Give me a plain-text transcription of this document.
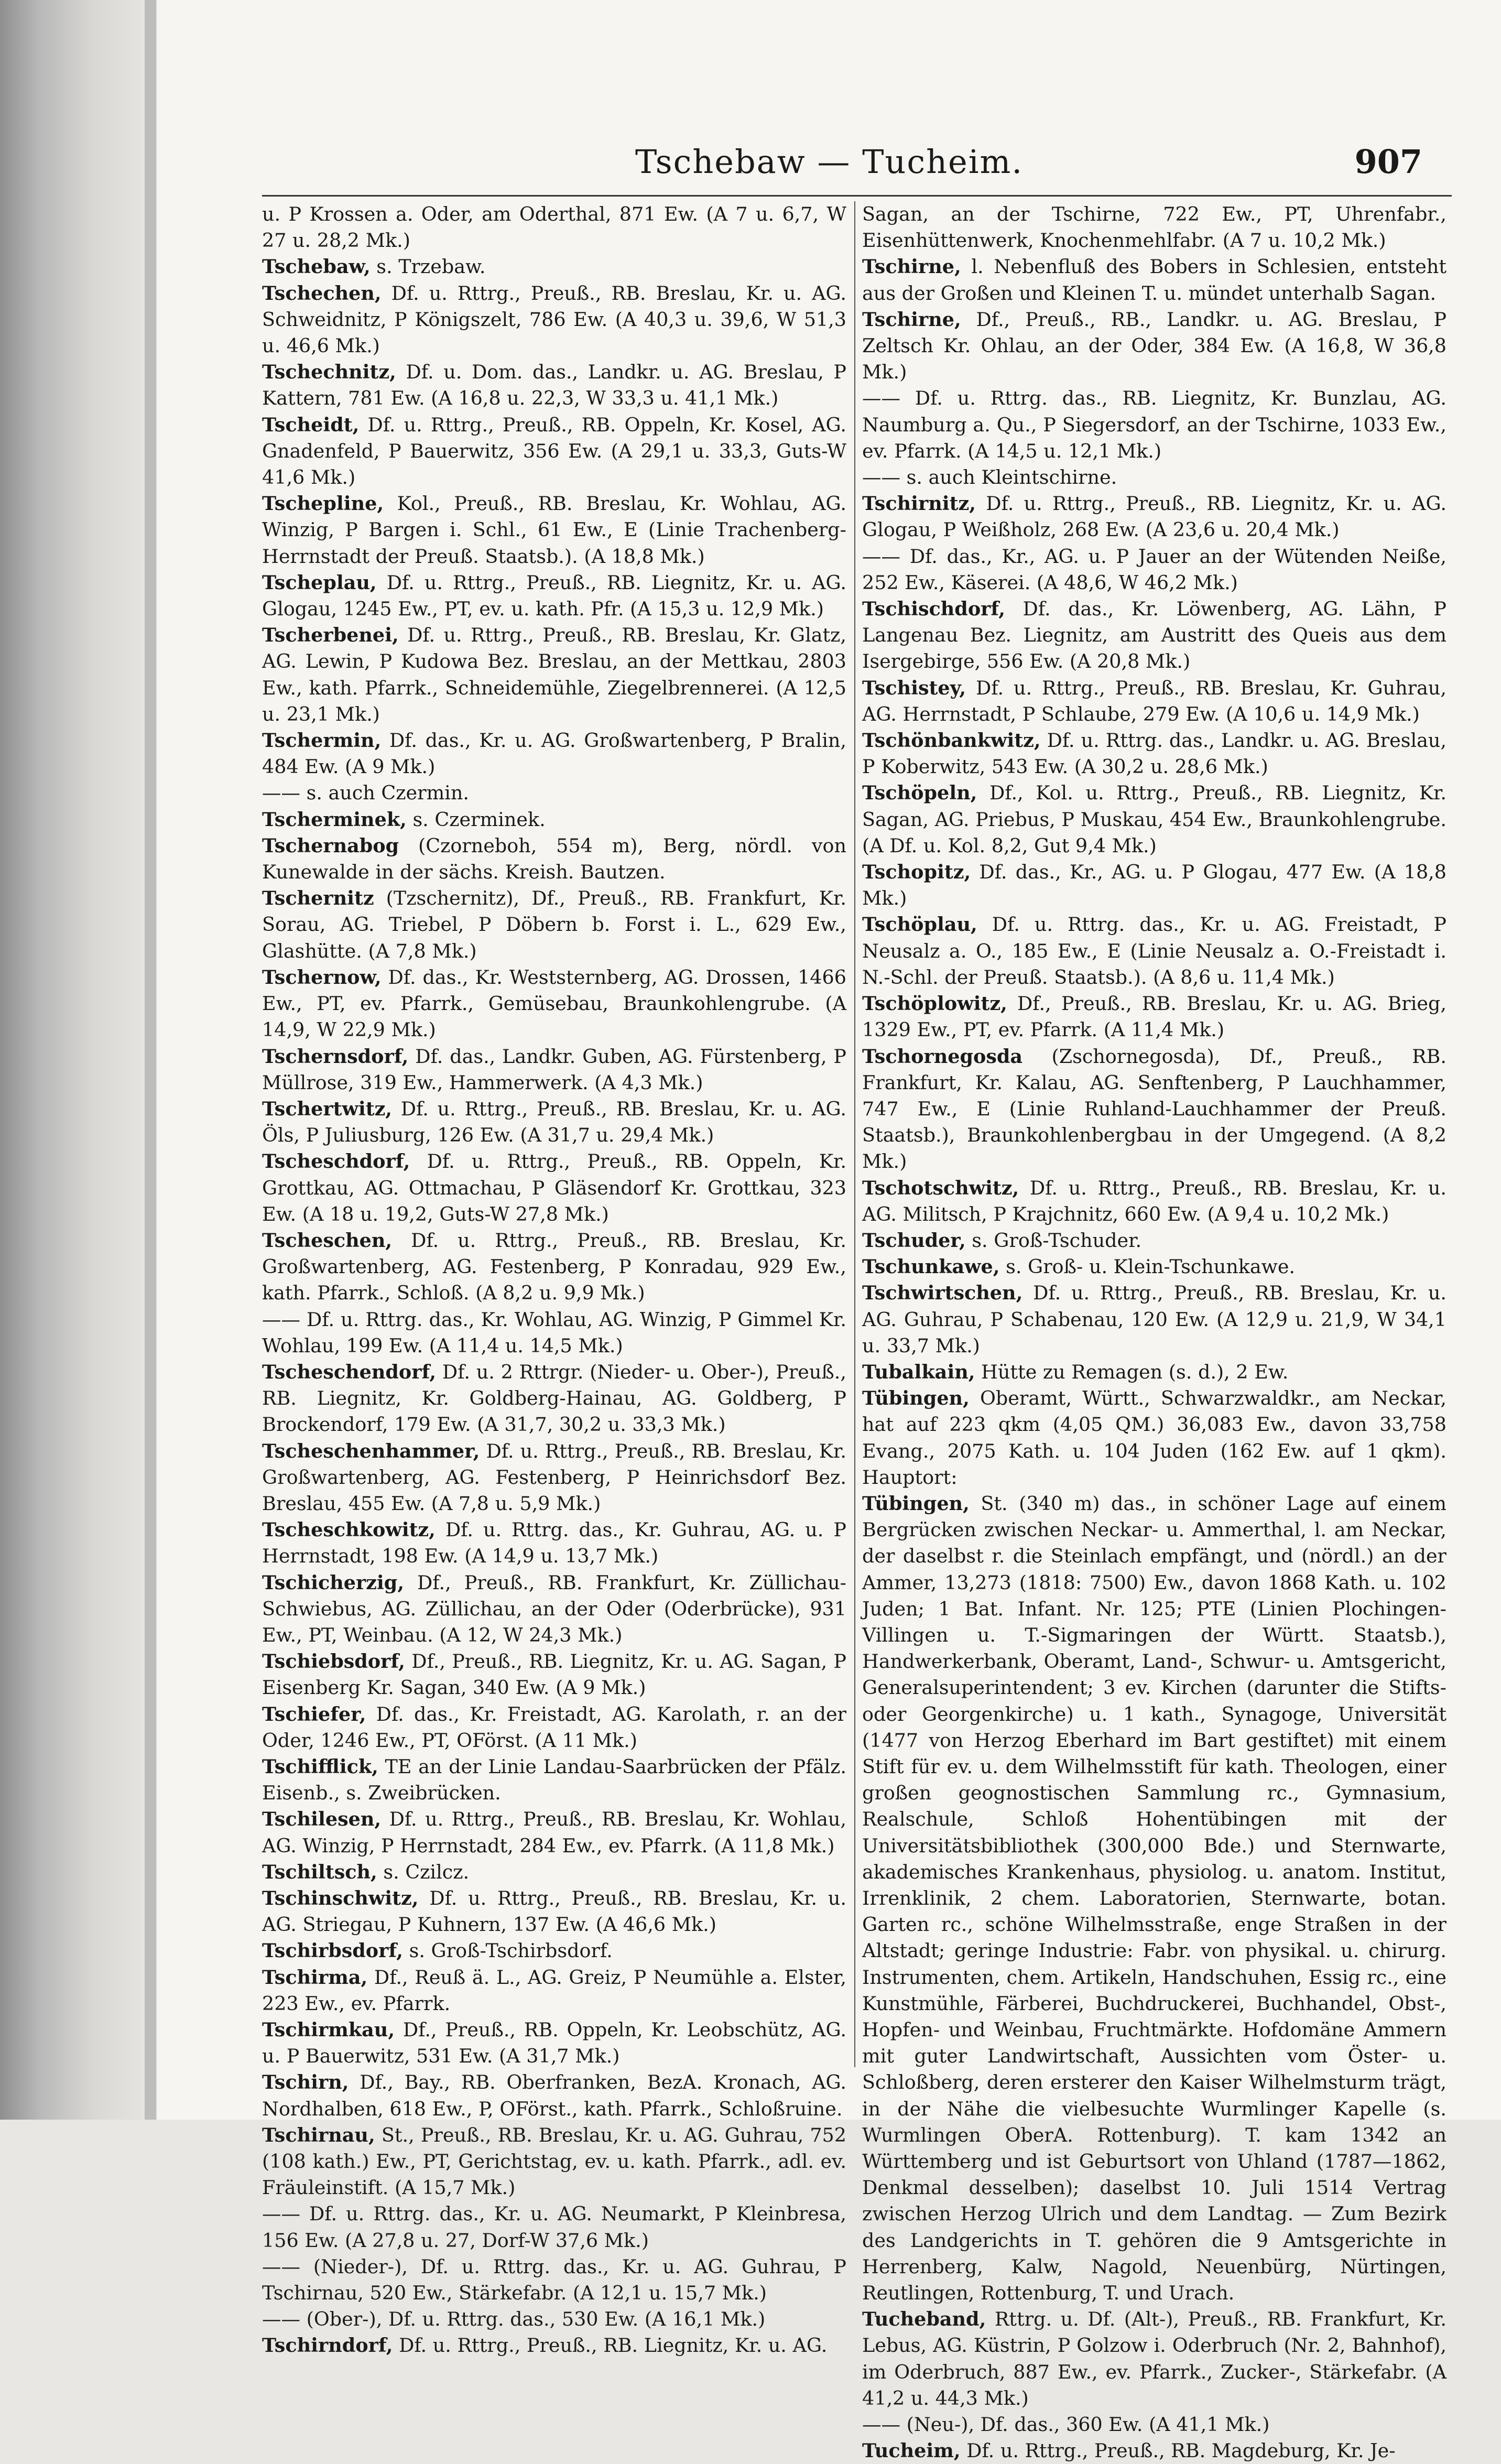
Tschebaw — Tucheim.	907
u. P Krossen a. Oder, am Oderthal, 871 Ew. (A 7 u. 6,7, W 27 u. 28,2 Mk.)
Tschebaw, s. Trzebaw.
Tschechen, Df. u. Rttrg., Preuß., RB. Breslau, Kr. u. AG. Schweidnitz, P Königszelt, 786 Ew. (A 40,3 u. 39,6, W 51,3 u. 46,6 Mk.)
Tschechnitz, Df. u. Dom. das., Landkr. u. AG. Breslau, P Kattern, 781 Ew. (A 16,8 u. 22,3, W 33,3 u. 41,1 Mk.)
Tscheidt, Df. u. Rttrg., Preuß., RB. Oppeln, Kr. Kosel, AG. Gnadenfeld, P Bauerwitz, 356 Ew. (A 29,1 u. 33,3, Guts-W 41,6 Mk.)
Tschepline, Kol., Preuß., RB. Breslau, Kr. Wohlau, AG. Winzig, P Bargen i. Schl., 61 Ew., E (Linie Trachenberg-Herrnstadt der Preuß. Staatsb.). (A 18,8 Mk.)
Tscheplau, Df. u. Rttrg., Preuß., RB. Liegnitz, Kr. u. AG. Glogau, 1245 Ew., PT, ev. u. kath. Pfr. (A 15,3 u. 12,9 Mk.)
Tscherbenei, Df. u. Rttrg., Preuß., RB. Breslau, Kr. Glatz, AG. Lewin, P Kudowa Bez. Breslau, an der Mettkau, 2803 Ew., kath. Pfarrk., Schneidemühle, Ziegelbrennerei. (A 12,5 u. 23,1 Mk.)
Tschermin, Df. das., Kr. u. AG. Großwartenberg, P Bralin, 484 Ew. (A 9 Mk.)
—— s. auch Czermin.
Tscherminek, s. Czerminek.
Tschernabog (Czorneboh, 554 m), Berg, nördl. von Kunewalde in der sächs. Kreish. Bautzen.
Tschernitz (Tzschernitz), Df., Preuß., RB. Frankfurt, Kr. Sorau, AG. Triebel, P Döbern b. Forst i. L., 629 Ew., Glashütte. (A 7,8 Mk.)
Tschernow, Df. das., Kr. Weststernberg, AG. Drossen, 1466 Ew., PT, ev. Pfarrk., Gemüsebau, Braunkohlengrube. (A 14,9, W 22,9 Mk.)
Tschernsdorf, Df. das., Landkr. Guben, AG. Fürstenberg, P Müllrose, 319 Ew., Hammerwerk. (A 4,3 Mk.)
Tschertwitz, Df. u. Rttrg., Preuß., RB. Breslau, Kr. u. AG. Öls, P Juliusburg, 126 Ew. (A 31,7 u. 29,4 Mk.)
Tscheschdorf, Df. u. Rttrg., Preuß., RB. Oppeln, Kr. Grottkau, AG. Ottmachau, P Gläsendorf Kr. Grottkau, 323 Ew. (A 18 u. 19,2, Guts-W 27,8 Mk.)
Tscheschen, Df. u. Rttrg., Preuß., RB. Breslau, Kr. Großwartenberg, AG. Festenberg, P Konradau, 929 Ew., kath. Pfarrk., Schloß. (A 8,2 u. 9,9 Mk.)
—— Df. u. Rttrg. das., Kr. Wohlau, AG. Winzig, P Gimmel Kr. Wohlau, 199 Ew. (A 11,4 u. 14,5 Mk.)
Tscheschendorf, Df. u. 2 Rttrgr. (Nieder- u. Ober-), Preuß., RB. Liegnitz, Kr. Goldberg-Hainau, AG. Goldberg, P Brockendorf, 179 Ew. (A 31,7, 30,2 u. 33,3 Mk.)
Tscheschenhammer, Df. u. Rttrg., Preuß., RB. Breslau, Kr. Großwartenberg, AG. Festenberg, P Heinrichsdorf Bez. Breslau, 455 Ew. (A 7,8 u. 5,9 Mk.)
Tscheschkowitz, Df. u. Rttrg. das., Kr. Guhrau, AG. u. P Herrnstadt, 198 Ew. (A 14,9 u. 13,7 Mk.)
Tschicherzig, Df., Preuß., RB. Frankfurt, Kr. Züllichau-Schwiebus, AG. Züllichau, an der Oder (Oderbrücke), 931 Ew., PT, Weinbau. (A 12, W 24,3 Mk.)
Tschiebsdorf, Df., Preuß., RB. Liegnitz, Kr. u. AG. Sagan, P Eisenberg Kr. Sagan, 340 Ew. (A 9 Mk.)
Tschiefer, Df. das., Kr. Freistadt, AG. Karolath, r. an der Oder, 1246 Ew., PT, OFörst. (A 11 Mk.)
Tschifflick, TE an der Linie Landau-Saarbrücken der Pfälz. Eisenb., s. Zweibrücken.
Tschilesen, Df. u. Rttrg., Preuß., RB. Breslau, Kr. Wohlau, AG. Winzig, P Herrnstadt, 284 Ew., ev. Pfarrk. (A 11,8 Mk.)
Tschiltsch, s. Czilcz.
Tschinschwitz, Df. u. Rttrg., Preuß., RB. Breslau, Kr. u. AG. Striegau, P Kuhnern, 137 Ew. (A 46,6 Mk.)
Tschirbsdorf, s. Groß-Tschirbsdorf.
Tschirma, Df., Reuß ä. L., AG. Greiz, P Neumühle a. Elster, 223 Ew., ev. Pfarrk.
Tschirmkau, Df., Preuß., RB. Oppeln, Kr. Leobschütz, AG. u. P Bauerwitz, 531 Ew. (A 31,7 Mk.)
Tschirn, Df., Bay., RB. Oberfranken, BezA. Kronach, AG. Nordhalben, 618 Ew., P, OFörst., kath. Pfarrk., Schloßruine.
Tschirnau, St., Preuß., RB. Breslau, Kr. u. AG. Guhrau, 752 (108 kath.) Ew., PT, Gerichtstag, ev. u. kath. Pfarrk., adl. ev. Fräuleinstift. (A 15,7 Mk.)
—— Df. u. Rttrg. das., Kr. u. AG. Neumarkt, P Kleinbresa, 156 Ew. (A 27,8 u. 27, Dorf-W 37,6 Mk.)
—— (Nieder-), Df. u. Rttrg. das., Kr. u. AG. Guhrau, P Tschirnau, 520 Ew., Stärkefabr. (A 12,1 u. 15,7 Mk.)
—— (Ober-), Df. u. Rttrg. das., 530 Ew. (A 16,1 Mk.)
Tschirndorf, Df. u. Rttrg., Preuß., RB. Liegnitz, Kr. u. AG.
Sagan, an der Tschirne, 722 Ew., PT, Uhrenfabr., Eisenhüttenwerk, Knochenmehlfabr. (A 7 u. 10,2 Mk.)
Tschirne, l. Nebenfluß des Bobers in Schlesien, entsteht aus der Großen und Kleinen T. u. mündet unterhalb Sagan.
Tschirne, Df., Preuß., RB., Landkr. u. AG. Breslau, P Zeltsch Kr. Ohlau, an der Oder, 384 Ew. (A 16,8, W 36,8 Mk.)
—— Df. u. Rttrg. das., RB. Liegnitz, Kr. Bunzlau, AG. Naumburg a. Qu., P Siegersdorf, an der Tschirne, 1033 Ew., ev. Pfarrk. (A 14,5 u. 12,1 Mk.)
—— s. auch Kleintschirne.
Tschirnitz, Df. u. Rttrg., Preuß., RB. Liegnitz, Kr. u. AG. Glogau, P Weißholz, 268 Ew. (A 23,6 u. 20,4 Mk.)
—— Df. das., Kr., AG. u. P Jauer an der Wütenden Neiße, 252 Ew., Käserei. (A 48,6, W 46,2 Mk.)
Tschischdorf, Df. das., Kr. Löwenberg, AG. Lähn, P Langenau Bez. Liegnitz, am Austritt des Queis aus dem Isergebirge, 556 Ew. (A 20,8 Mk.)
Tschistey, Df. u. Rttrg., Preuß., RB. Breslau, Kr. Guhrau, AG. Herrnstadt, P Schlaube, 279 Ew. (A 10,6 u. 14,9 Mk.)
Tschönbankwitz, Df. u. Rttrg. das., Landkr. u. AG. Breslau, P Koberwitz, 543 Ew. (A 30,2 u. 28,6 Mk.)
Tschöpeln, Df., Kol. u. Rttrg., Preuß., RB. Liegnitz, Kr. Sagan, AG. Priebus, P Muskau, 454 Ew., Braunkohlengrube. (A Df. u. Kol. 8,2, Gut 9,4 Mk.)
Tschopitz, Df. das., Kr., AG. u. P Glogau, 477 Ew. (A 18,8 Mk.)
Tschöplau, Df. u. Rttrg. das., Kr. u. AG. Freistadt, P Neusalz a. O., 185 Ew., E (Linie Neusalz a. O.-Freistadt i. N.-Schl. der Preuß. Staatsb.). (A 8,6 u. 11,4 Mk.)
Tschöplowitz, Df., Preuß., RB. Breslau, Kr. u. AG. Brieg, 1329 Ew., PT, ev. Pfarrk. (A 11,4 Mk.)
Tschornegosda (Zschornegosda), Df., Preuß., RB. Frankfurt, Kr. Kalau, AG. Senftenberg, P Lauchhammer, 747 Ew., E (Linie Ruhland-Lauchhammer der Preuß. Staatsb.), Braunkohlenbergbau in der Umgegend. (A 8,2 Mk.)
Tschotschwitz, Df. u. Rttrg., Preuß., RB. Breslau, Kr. u. AG. Militsch, P Krajchnitz, 660 Ew. (A 9,4 u. 10,2 Mk.)
Tschuder, s. Groß-Tschuder.
Tschunkawe, s. Groß- u. Klein-Tschunkawe.
Tschwirtschen, Df. u. Rttrg., Preuß., RB. Breslau, Kr. u. AG. Guhrau, P Schabenau, 120 Ew. (A 12,9 u. 21,9, W 34,1 u. 33,7 Mk.)
Tubalkain, Hütte zu Remagen (s. d.), 2 Ew.
Tübingen, Oberamt, Württ., Schwarzwaldkr., am Neckar, hat auf 223 qkm (4,05 QM.) 36,083 Ew., davon 33,758 Evang., 2075 Kath. u. 104 Juden (162 Ew. auf 1 qkm). Hauptort:
Tübingen, St. (340 m) das., in schöner Lage auf einem Bergrücken zwischen Neckar- u. Ammerthal, l. am Neckar, der daselbst r. die Steinlach empfängt, und (nördl.) an der Ammer, 13,273 (1818: 7500) Ew., davon 1868 Kath. u. 102 Juden; 1 Bat. Infant. Nr. 125; PTE (Linien Plochingen-Villingen u. T.-Sigmaringen der Württ. Staatsb.), Handwerkerbank, Oberamt, Land-, Schwur- u. Amtsgericht, Generalsuperintendent; 3 ev. Kirchen (darunter die Stifts- oder Georgenkirche) u. 1 kath., Synagoge, Universität (1477 von Herzog Eberhard im Bart gestiftet) mit einem Stift für ev. u. dem Wilhelmsstift für kath. Theologen, einer großen geognostischen Sammlung rc., Gymnasium, Realschule, Schloß Hohentübingen mit der Universitätsbibliothek (300,000 Bde.) und Sternwarte, akademisches Krankenhaus, physiolog. u. anatom. Institut, Irrenklinik, 2 chem. Laboratorien, Sternwarte, botan. Garten rc., schöne Wilhelmsstraße, enge Straßen in der Altstadt; geringe Industrie: Fabr. von physikal. u. chirurg. Instrumenten, chem. Artikeln, Handschuhen, Essig rc., eine Kunstmühle, Färberei, Buchdruckerei, Buchhandel, Obst-, Hopfen- und Weinbau, Fruchtmärkte. Hofdomäne Ammern mit guter Landwirtschaft, Aussichten vom Öster- u. Schloßberg, deren ersterer den Kaiser Wilhelmsturm trägt, in der Nähe die vielbesuchte Wurmlinger Kapelle (s. Wurmlingen OberA. Rottenburg). T. kam 1342 an Württemberg und ist Geburtsort von Uhland (1787—1862, Denkmal desselben); daselbst 10. Juli 1514 Vertrag zwischen Herzog Ulrich und dem Landtag. — Zum Bezirk des Landgerichts in T. gehören die 9 Amtsgerichte in Herrenberg, Kalw, Nagold, Neuenbürg, Nürtingen, Reutlingen, Rottenburg, T. und Urach.
Tucheband, Rttrg. u. Df. (Alt-), Preuß., RB. Frankfurt, Kr. Lebus, AG. Küstrin, P Golzow i. Oderbruch (Nr. 2, Bahnhof), im Oderbruch, 887 Ew., ev. Pfarrk., Zucker-, Stärkefabr. (A 41,2 u. 44,3 Mk.)
—— (Neu-), Df. das., 360 Ew. (A 41,1 Mk.)
Tucheim, Df. u. Rttrg., Preuß., RB. Magdeburg, Kr. Je-
